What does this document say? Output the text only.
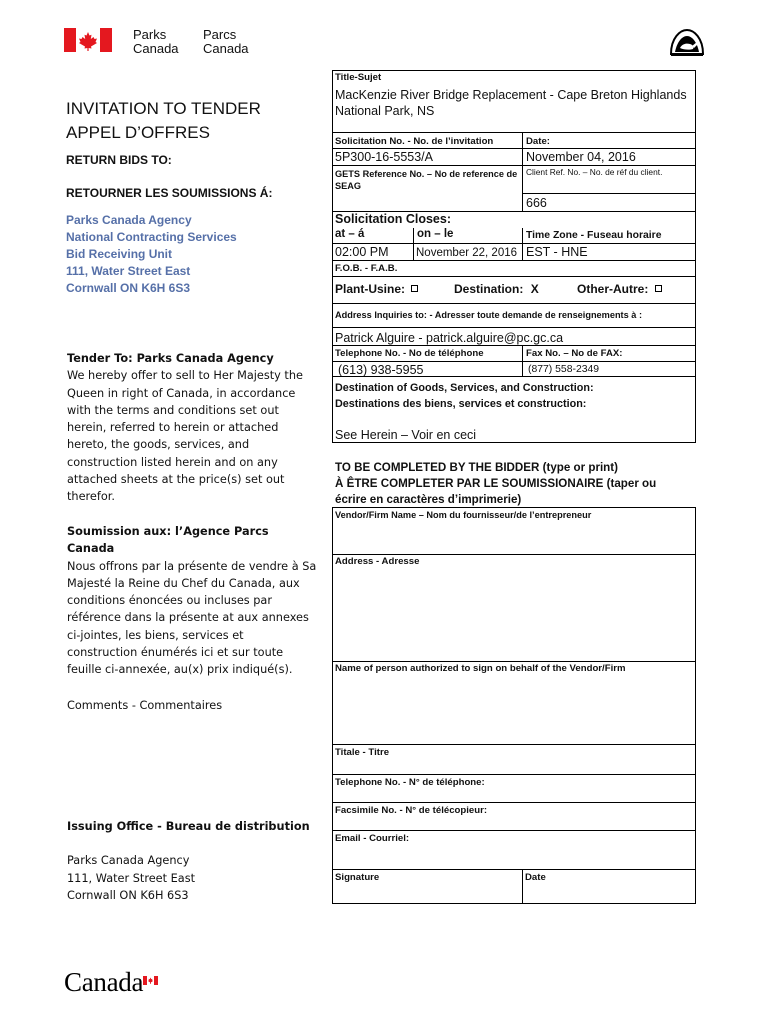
Parks
Canada
Parcs
Canada
INVITATION TO TENDER
APPEL D’OFFRES
RETURN BIDS TO:
RETOURNER LES SOUMISSIONS Á:
Parks Canada Agency
National Contracting Services
Bid Receiving Unit
111, Water Street East
Cornwall ON K6H 6S3
Tender To: Parks Canada Agency
We hereby offer to sell to Her Majesty the Queen in right of Canada, in accordance with the terms and conditions set out herein, referred to herein or attached hereto, the goods, services, and construction listed herein and on any attached sheets at the price(s) set out therefor.
Soumission aux: l’Agence Parcs Canada
Nous offrons par la présente de vendre à Sa Majesté la Reine du Chef du Canada, aux conditions énoncées ou incluses par référence dans la présente at aux annexes ci-jointes, les biens, services et construction énumérés ici et sur toute feuille ci-annexée, au(x) prix indiqué(s).
Comments - Commentaires
Issuing Office - Bureau de distribution
Parks Canada Agency
111, Water Street East
Cornwall ON K6H 6S3
Title-Sujet
MacKenzie River Bridge Replacement - Cape Breton Highlands National Park, NS
Solicitation No. - No. de l’invitation	Date:
5P300-16-5553/A	November 04, 2016
GETS Reference No. – No de reference de SEAG
Client Ref. No. – No. de réf du client.
666
Solicitation Closes:
at – á	on – le	Time Zone - Fuseau horaire
02:00 PM November 22, 2016 EST - HNE
F.O.B. - F.A.B.
Plant-Usine:	Destination: X	Other-Autre:
Address Inquiries to: - Adresser toute demande de renseignements à :
Patrick Alguire - patrick.alguire@pc.gc.ca
Telephone No. - No de téléphone	Fax No. – No de FAX:
(613) 938-5955	(877) 558-2349
Destination of Goods, Services, and Construction:
Destinations des biens, services et construction:
See Herein – Voir en ceci
TO BE COMPLETED BY THE BIDDER (type or print)
À ÊTRE COMPLETER PAR LE SOUMISSIONAIRE (taper ou
écrire en caractères d’imprimerie)
Vendor/Firm Name – Nom du fournisseur/de l’entrepreneur
Address - Adresse
Name of person authorized to sign on behalf of the Vendor/Firm
Titale - Titre
Telephone No. - N° de téléphone:
Facsimile No. - N° de télécopieur:
Email - Courriel:
Signature	Date
Canada
